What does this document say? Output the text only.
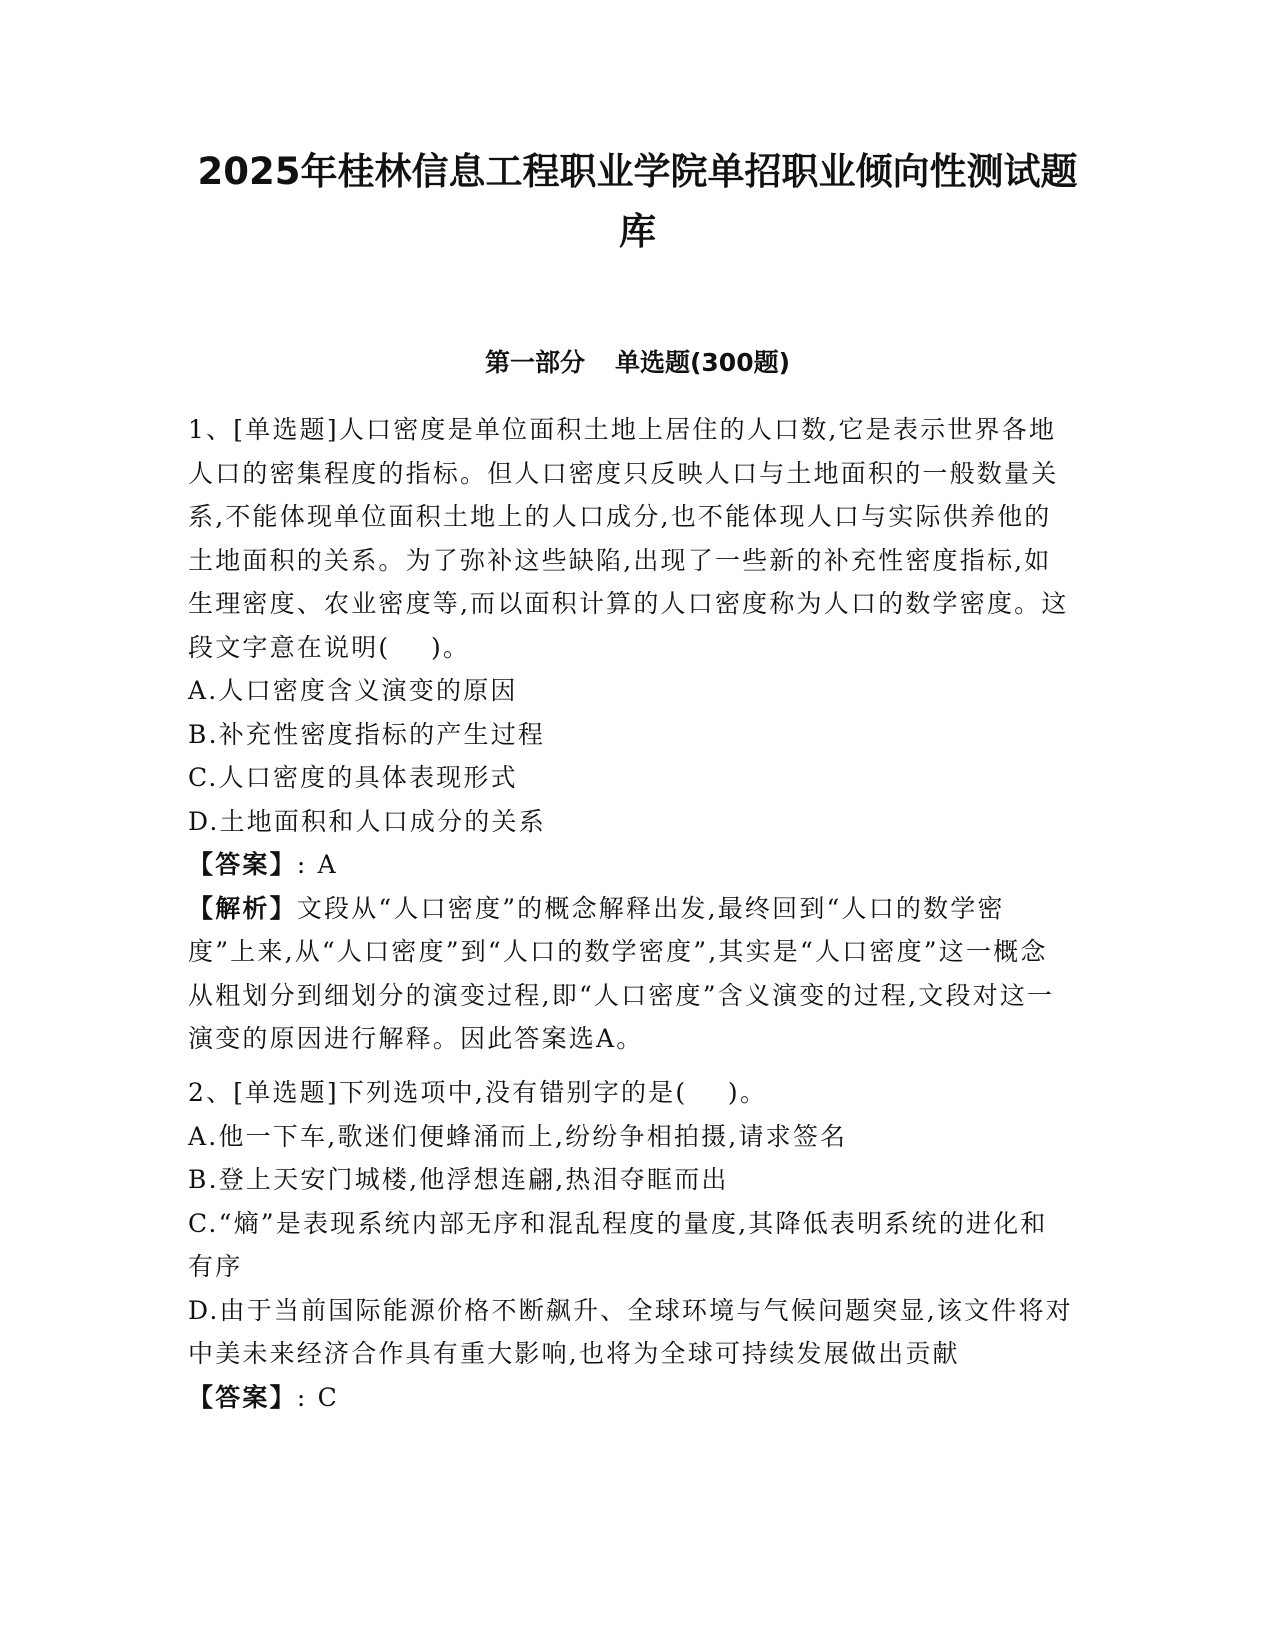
2025年桂林信息工程职业学院单招职业倾向性测试题库
第一部分 单选题(300题)
1、[单选题]人口密度是单位面积土地上居住的人口数,它是表示世界各地人口的密集程度的指标。但人口密度只反映人口与土地面积的一般数量关系,不能体现单位面积土地上的人口成分,也不能体现人口与实际供养他的土地面积的关系。为了弥补这些缺陷,出现了一些新的补充性密度指标,如生理密度、农业密度等,而以面积计算的人口密度称为人口的数学密度。这段文字意在说明(    )。
A.人口密度含义演变的原因
B.补充性密度指标的产生过程
C.人口密度的具体表现形式
D.土地面积和人口成分的关系
【答案】: A
【解析】文段从“人口密度”的概念解释出发,最终回到“人口的数学密度”上来,从“人口密度”到“人口的数学密度”,其实是“人口密度”这一概念从粗划分到细划分的演变过程,即“人口密度”含义演变的过程,文段对这一演变的原因进行解释。因此答案选A。
2、[单选题]下列选项中,没有错别字的是(    )。
A.他一下车,歌迷们便蜂涌而上,纷纷争相拍摄,请求签名
B.登上天安门城楼,他浮想连翩,热泪夺眶而出
C.“熵”是表现系统内部无序和混乱程度的量度,其降低表明系统的进化和有序
D.由于当前国际能源价格不断飙升、全球环境与气候问题突显,该文件将对中美未来经济合作具有重大影响,也将为全球可持续发展做出贡献
【答案】: C
